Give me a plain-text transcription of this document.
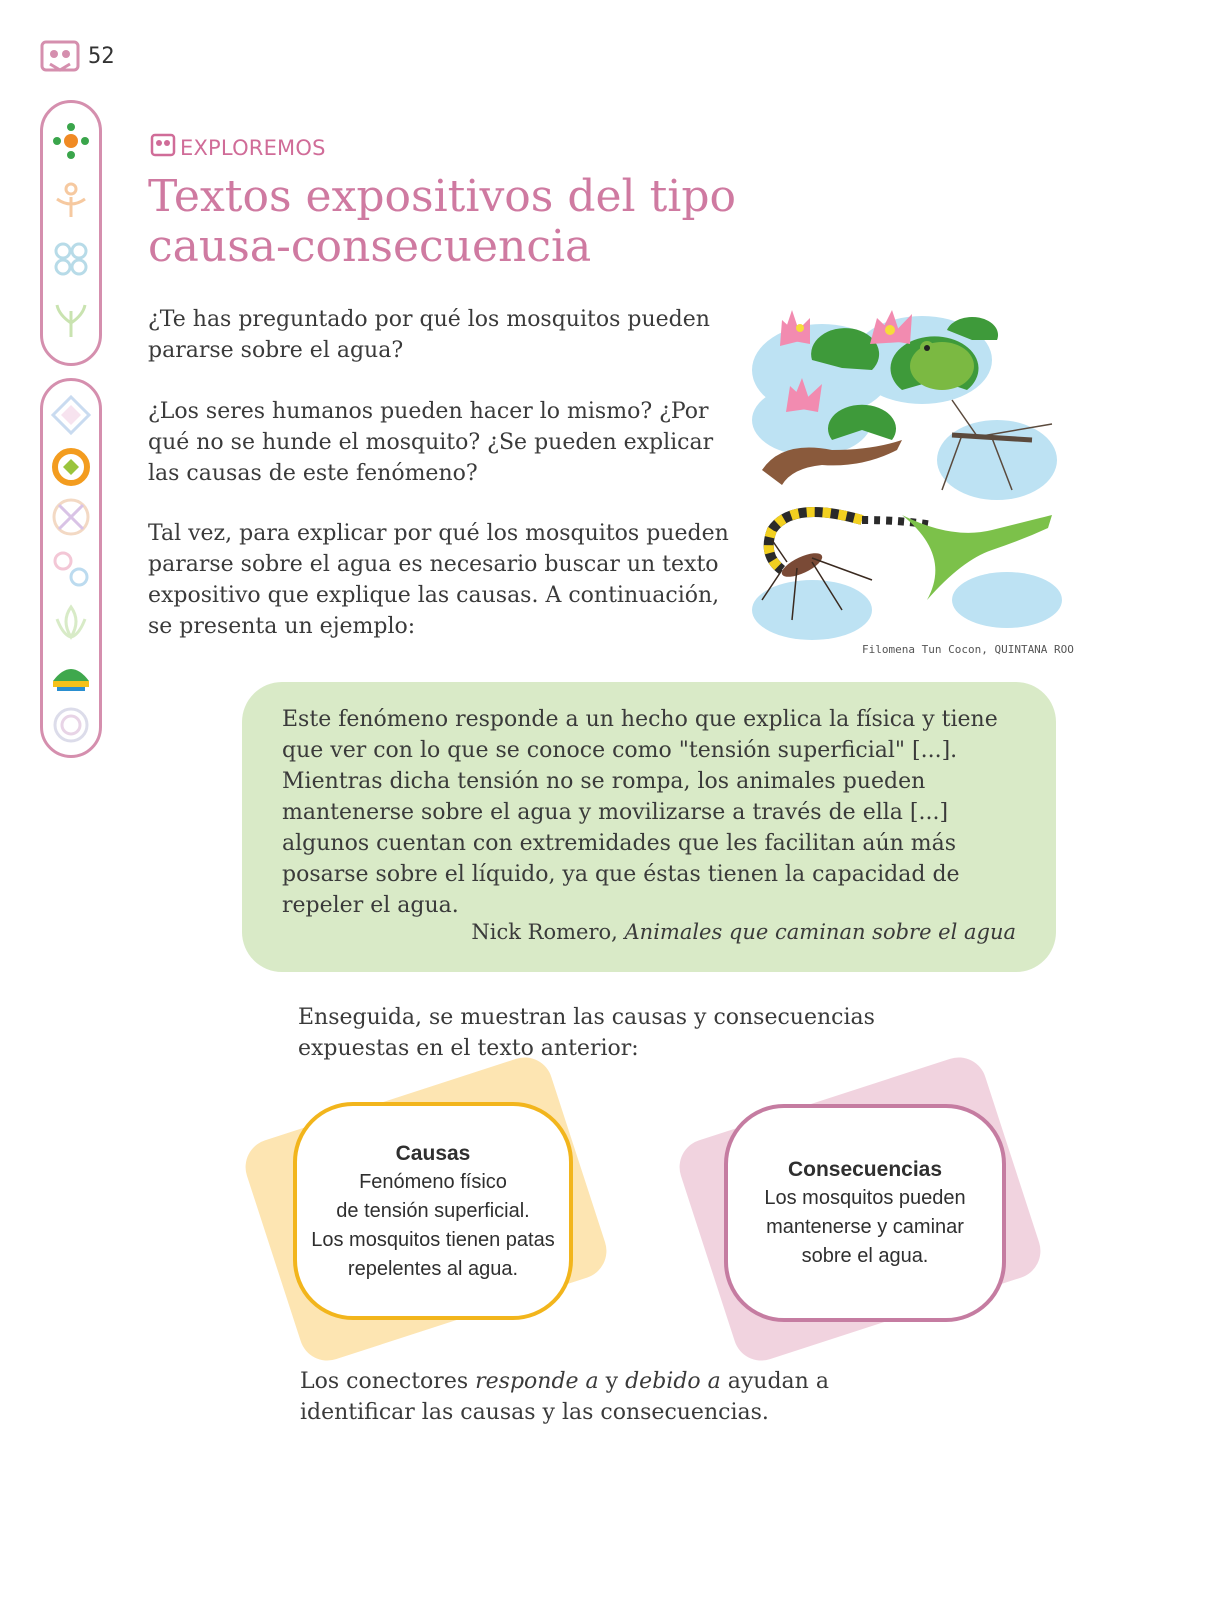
52
EXPLOREMOS
Textos expositivos del tipo
causa-consecuencia

¿Te has preguntado por qué los mosquitos pueden pararse sobre el agua?

¿Los seres humanos pueden hacer lo mismo? ¿Por qué no se hunde el mosquito? ¿Se pueden explicar las causas de este fenómeno?

Tal vez, para explicar por qué los mosquitos pueden pararse sobre el agua es necesario buscar un texto expositivo que explique las causas. A continuación, se presenta un ejemplo:

Filomena Tun Cocon, QUINTANA ROO

Este fenómeno responde a un hecho que explica la física y tiene que ver con lo que se conoce como "tensión superficial" [...]. Mientras dicha tensión no se rompa, los animales pueden mantenerse sobre el agua y movilizarse a través de ella [...] algunos cuentan con extremidades que les facilitan aún más posarse sobre el líquido, ya que éstas tienen la capacidad de repeler el agua.

Nick Romero, Animales que caminan sobre el agua

Enseguida, se muestran las causas y consecuencias expuestas en el texto anterior:

Causas
Fenómeno físico
de tensión superficial.
Los mosquitos tienen patas
repelentes al agua.
Consecuencias
Los mosquitos pueden
mantenerse y caminar
sobre el agua.

Los conectores responde a y debido a ayudan a identificar las causas y las consecuencias.
